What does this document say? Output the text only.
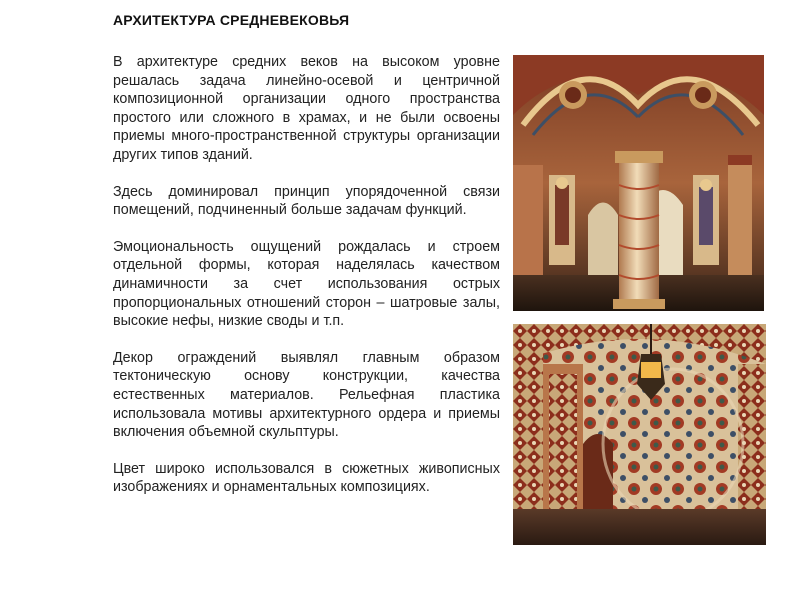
АРХИТЕКТУРА СРЕДНЕВЕКОВЬЯ

В архитектуре средних веков на высоком уровне решалась задача линейно-осевой и центричной композиционной организации одного пространства простого или сложного в храмах, и не были освоены приемы много-пространственной структуры организации других типов зданий.

Здесь доминировал принцип упорядоченной связи помещений, подчиненный больше задачам функций.

Эмоциональность ощущений рождалась и строем отдельной формы, которая наделялась качеством динамичности за счет использования острых пропорциональных отношений сторон – шатровые залы, высокие нефы, низкие своды и т.п.

Декор ограждений выявлял главным образом тектоническую основу конструкции, качества естественных материалов. Рельефная пластика использовала мотивы архитектурного ордера и приемы включения объемной скульптуры.

Цвет широко использовался в сюжетных живописных изображениях и орнаментальных композициях.
